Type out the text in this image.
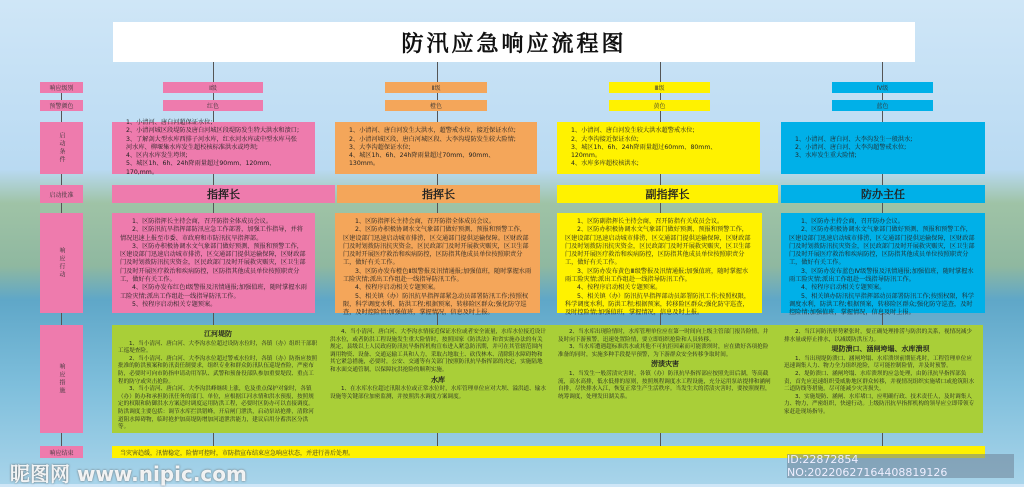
防汛应急响应流程图
响应级别
预警颜色
启动条件
启动批准
响应行动
响应措施
响应结束
Ⅰ级
红色
1、小清河、唐白河超保证水位;
2、小清河城区段堤防及唐白河城区段堤防发生特大洪水和溃口;
3、了解剑大型水库西排子河水库，红水河水库或中型水库马张河水库、柳堰集水库发生超校核标准洪水或垮坝;
4、区内水库发生垮坝;
5、城区1h、6h、24h降雨量超过90mm、120mm、170,mm。
指挥长
1、区防指挥长主持会商，召开防指全体成员会议。
2、区防汛抗旱指挥部防汛应急工作部署，加强工作指导，并将情况迅速上报至市委、市政府和市防汛抗旱指挥部。
3、区防办积极协调水文气象部门做好预测、预报和预警工作，区建设部门迅速启动城市排涝，区交通部门提供运输保障，区财政部门及时划拨防汛抗灾资金，区民政部门及时开展救灾赈灾，区卫生部门及时开展医疗救治和疾病防控，区防指其他成员单位按照职责分工，做好有关工作。
4、区防办发布红色Ⅰ级警报及汛情通报;加强值班，随时掌握水雨工险灾情;派出工作组赴一线指导防汛工作。
5、按程序启动相关专题预案。
Ⅱ级
橙色
1、小清河、唐白河发生大洪水，超警戒水位，接近保证水位;
2、小清河城区段、唐白河城区段、大李沟堤防发生较大险情;
3、大李沟超保证水位;
4、城区1h、6h、24h降雨量超过70mm、90mm、130mm。
指挥长
1、区防指挥长主持会商，召开防指全体成员会议。
2、区防办积极协调水文气象部门做好预测、预报和预警工作，区建设部门迅速启动城市排涝，区交通部门提供运输保障。区财政部门及时划拨防汛抗灾资金，区民政部门及时开展救灾赈灾，区卫生部门及时开展医疗救治和疾病防控，区防指其他成员单位按照职责分工，做好有关工作。
3、区防办发布橙色Ⅱ级警报及汛情通报;加强值班，随时掌握水雨工险灾情;派出工作组赴一线指导防汛工作。
4、按程序启动相关专题预案。
5、相关镇（办）防汛抗旱指挥部紧急动员部署防汛工作;按照权限，科学调度水利、防洪工程;根据预案，转移险区群众;强化防守巡查，及时控险情;加强值班，掌握情况，信息及时上报。
Ⅲ级
黄色
1、小清河、唐白河发生较大洪水超警戒水位;
2、大李沟接近保证水位;
3、城区1h、6h、24h降雨量超过60mm、80mm、120mm。
4、水库多库超校核洪水;
副指挥长
1、区防副指挥长主持会商，召开防指有关成员会议。
2、区防办积极协调水文气象部门做好预测、预报和预警工作，区建设部门迅速启动城市排涝，区交通部门提供运输保障，区财政部门及时划拨防汛抗灾资金，区民政部门及时开展救灾赈灾，区卫生部门及时开展医疗救治和疾病防控，区防指其他成员单位按照职责分工，做好有关工作。
3、区防办发布黄色Ⅲ级警报及汛情通报;加强值班，随时掌握水雨工险灾情;派出工作组赴一线指导防汛工作。
4、按程序启动相关专题预案。
5、相关镇（办）防汛抗旱指挥部动员部署防汛工作;按照权限，科学调度水利，防洪工程;根据预案，转移险区群众;强化防守巡查，及时控险情;加强值班，掌握情况，信息及时上报。
Ⅳ级
蓝色
1、小清河、唐白河、大李沟发生一般洪水;
2、小清河、唐白河、大李沟超警戒水位;
3、水库发生重大险情;
防办主任
1、区防办主持会商，召开防办会议。
2、区防办积极协调水文气象部门做好预测、预报和预警工作，区建设部门迅速启动城市排涝，区交通部门提供运输保障，区财政部门及时划拨防汛抗灾资金，区民政部门及时开展救灾赈灾，区卫生部门及时开展医疗救治和疾病防控，区防指其他成员单位按照职责分工，做好有关工作。
3、区防办发布蓝色Ⅳ级警报及汛情通报;加强值班，随时掌握水雨工险灾情;派出工作组赴一线指导防汛工作。
4、按程序启动相关专题预案。
5、相关镇办防汛抗旱指挥部动员部署防汛工作;按照权限，科学调度水利，防洪工程;根据预案，转移险区群众;强化防守巡查，及时控险情;加强值班，掌握情况，信息及时上报。
江河堤防
1、当小清河、唐白河、大李沟水位超过设防水位时，各镇（办）组织干部职工巡堤查险。
2、当小清河、唐白河、大李沟水位超过警戒水位时，各镇（办）防指应按照批准的防洪预案和防汛责任制要求，组织专业和群众防汛队伍巡堤查险，严密布防，必要时可向市防指申请动用军队、武警和预备役部队参加重要堤段、重点工程的防守或突击抢险。
3、当小清河、唐白河、大李沟洪峰继续上涨，危及重点保护对象时，各镇（办）防办和承担防汛任务的部门、单位，应根据江河水情和洪水预报，按照规定的权限和防御洪水方案适时调度运用防洪工程，必要时区防办可以直接调度。防洪调度主要包括：调节水库拦洪错峰，开启闸门泄洪，启动泵站抢排，清除河道阻水障碍物，临时抢护加高堤防增加河道泄洪能力，建议启用分蓄洪区分洪等。
4、当小清河、唐白河、大李沟水情接近保证水位或者安全流量，水库水位接近设计洪水位，或者防洪工程设施发生重大险情时，按照国家《防洪法》和省实施办法的有关规定，县级以上人民政府防汛抗旱指挥机构宣布进入紧急防汛期，并可在其管辖范围内调用物资、设备、交通运输工具和人力，采取占地取土、砍伐林木、清除阻水障碍物和其它紧急措施，必要时，公安、交通等有关部门按照防汛抗旱指挥部的决定，实施陆地和水面交通管制，以保障抗洪抢险的顺利实施。
水库
1、在水库水位超过汛限水位或正常水位时，水库管理单位应对大坝、溢洪道、输水设施等关键部位加密监测，并按照洪水调度方案调度。
2、当水库出现险情时，水库管理单位应在第一时间向上级主管部门报告险情，并及时向下游预警，迅速处置险情，要立即组织抢险和人员转移。
3、当水库遭遇超标准洪水或其他不可抗拒因素而可能溃坝时，应在做好各项抢险准备的同时，实施多种手段提早预警，为下游群众安全转移争取时间。
涝渍灾害
1、当发生一般涝渍灾害时，各镇（办）防汛抗旱指挥部应按照先田后湖，等高截流，高水高排，低水低排的原则，按照规程调度水工程设施，充分运用泵站提排和涵闸自排，尽快排水入江，恢复正常生产生活秩序。当发生大的涝渍灾害时，要按照规程，统筹调度，处理发田湖关系。
2、当江河防汛形势紧张时，要正确处理排涝与防洪的关系，视情况减少排水量或停止排水，以减缓防洪压力。
堤防溃口、涵闸垮塌、水库溃坝
1、当出现堤防溃口、涵闸垮塌、水库溃坝前期征兆时，工程管理单位应迅速调集人力、物力全力组织抢险，尽可能控制险情，并及时预警。
2、堤防溃口、涵闸垮塌、水库溃坝的应急处理，由防汛抗旱指挥部负责，首先应迅速组织受威胁地区群众转移，并视情况组织实施堵口或抢筑阻水二道防线等措施，尽可能减少灾害损失。
3、实施堤防、涵闸、水库堵口，应明确行政、技术责任人，及时调集人力、物力，严密组织，快速行动。上级防汛抗旱指挥机构的领导应立即带领专家赶赴现场指导。
当灾害趋缓，汛情稳定，险情可控时，市防指宣布结束应急响应状态，并进行善后处理。
昵图网 www.nipic.com
ID:22872854 NO:20220627164408819126
